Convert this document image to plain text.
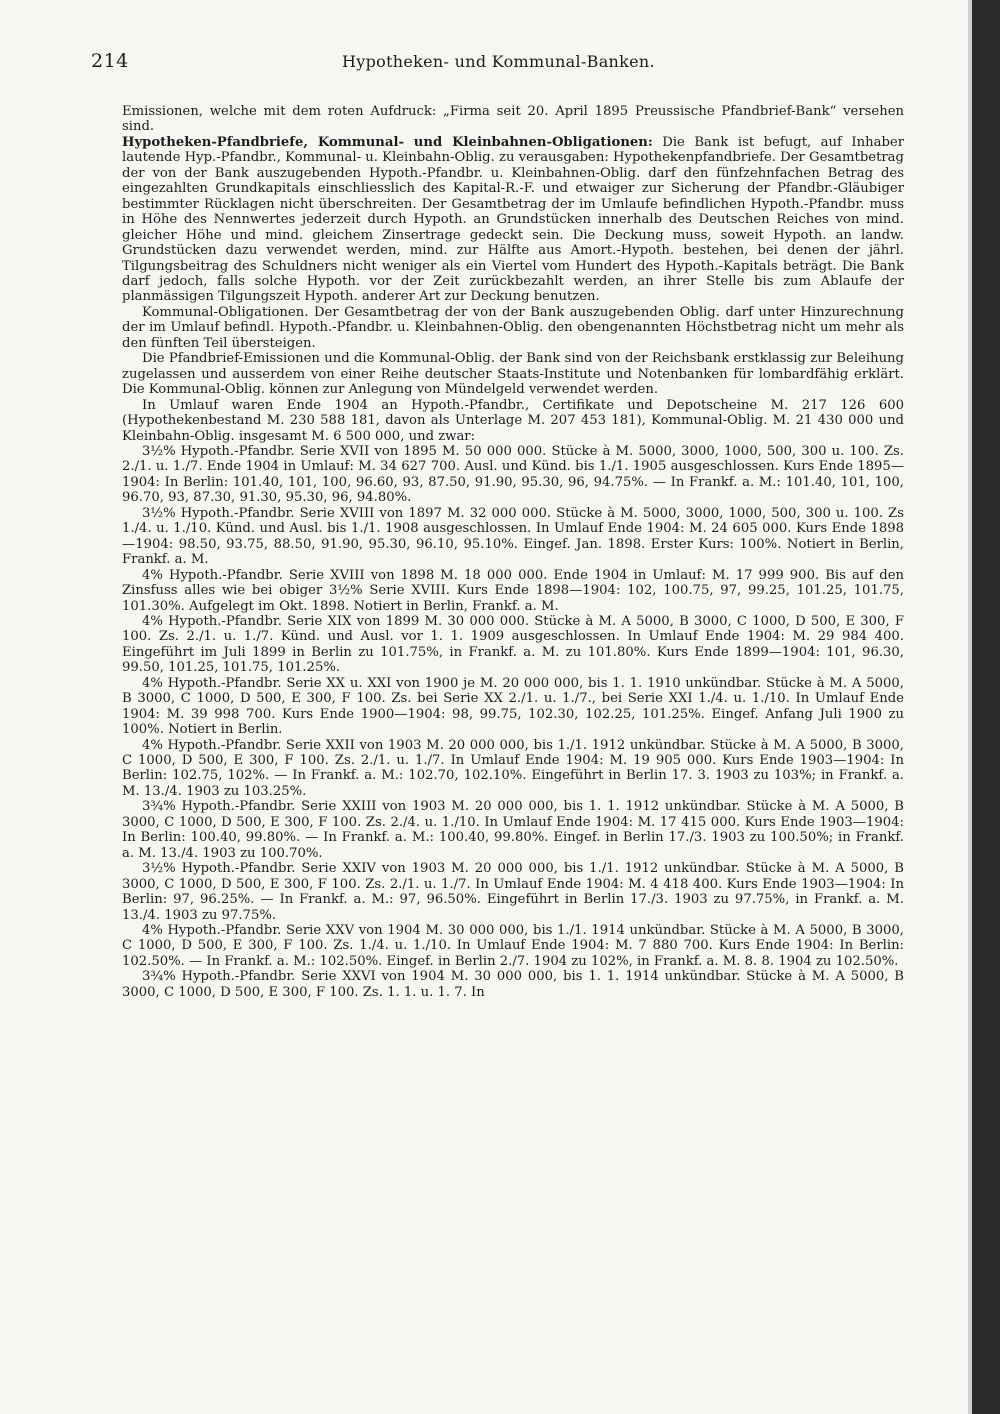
214	Hypotheken- und Kommunal-Banken.

Emissionen, welche mit dem roten Aufdruck: „Firma seit 20. April 1895 Preussische Pfandbrief-Bank“ versehen sind.

Hypotheken-Pfandbriefe, Kommunal- und Kleinbahnen-Obligationen: Die Bank ist befugt, auf Inhaber lautende Hyp.-Pfandbr., Kommunal- u. Kleinbahn-Oblig. zu verausgaben: Hypothekenpfandbriefe. Der Gesamtbetrag der von der Bank auszugebenden Hypoth.-Pfandbr. u. Kleinbahnen-Oblig. darf den fünfzehnfachen Betrag des eingezahlten Grundkapitals einschliesslich des Kapital-R.-F. und etwaiger zur Sicherung der Pfandbr.-Gläubiger bestimmter Rücklagen nicht überschreiten. Der Gesamtbetrag der im Umlaufe befindlichen Hypoth.-Pfandbr. muss in Höhe des Nennwertes jederzeit durch Hypoth. an Grundstücken innerhalb des Deutschen Reiches von mind. gleicher Höhe und mind. gleichem Zinsertrage gedeckt sein. Die Deckung muss, soweit Hypoth. an landw. Grundstücken dazu verwendet werden, mind. zur Hälfte aus Amort.-Hypoth. bestehen, bei denen der jährl. Tilgungsbeitrag des Schuldners nicht weniger als ein Viertel vom Hundert des Hypoth.-Kapitals beträgt. Die Bank darf jedoch, falls solche Hypoth. vor der Zeit zurückbezahlt werden, an ihrer Stelle bis zum Ablaufe der planmässigen Tilgungszeit Hypoth. anderer Art zur Deckung benutzen.

Kommunal-Obligationen. Der Gesamtbetrag der von der Bank auszugebenden Oblig. darf unter Hinzurechnung der im Umlauf befindl. Hypoth.-Pfandbr. u. Kleinbahnen-Oblig. den obengenannten Höchstbetrag nicht um mehr als den fünften Teil übersteigen.

Die Pfandbrief-Emissionen und die Kommunal-Oblig. der Bank sind von der Reichsbank erstklassig zur Beleihung zugelassen und ausserdem von einer Reihe deutscher Staats-Institute und Notenbanken für lombardfähig erklärt. Die Kommunal-Oblig. können zur Anlegung von Mündelgeld verwendet werden.

In Umlauf waren Ende 1904 an Hypoth.-Pfandbr., Certifikate und Depotscheine M. 217 126 600 (Hypothekenbestand M. 230 588 181, davon als Unterlage M. 207 453 181), Kommunal-Oblig. M. 21 430 000 und Kleinbahn-Oblig. insgesamt M. 6 500 000, und zwar:

3½% Hypoth.-Pfandbr. Serie XVII von 1895 M. 50 000 000. Stücke à M. 5000, 3000, 1000, 500, 300 u. 100. Zs. 2./1. u. 1./7. Ende 1904 in Umlauf: M. 34 627 700. Ausl. und Künd. bis 1./1. 1905 ausgeschlossen. Kurs Ende 1895—1904: In Berlin: 101.40, 101, 100, 96.60, 93, 87.50, 91.90, 95.30, 96, 94.75%. — In Frankf. a. M.: 101.40, 101, 100, 96.70, 93, 87.30, 91.30, 95.30, 96, 94.80%.

3½% Hypoth.-Pfandbr. Serie XVIII von 1897 M. 32 000 000. Stücke à M. 5000, 3000, 1000, 500, 300 u. 100. Zs 1./4. u. 1./10. Künd. und Ausl. bis 1./1. 1908 ausgeschlossen. In Umlauf Ende 1904: M. 24 605 000. Kurs Ende 1898—1904: 98.50, 93.75, 88.50, 91.90, 95.30, 96.10, 95.10%. Eingef. Jan. 1898. Erster Kurs: 100%. Notiert in Berlin, Frankf. a. M.

4% Hypoth.-Pfandbr. Serie XVIII von 1898 M. 18 000 000. Ende 1904 in Umlauf: M. 17 999 900. Bis auf den Zinsfuss alles wie bei obiger 3½% Serie XVIII. Kurs Ende 1898—1904: 102, 100.75, 97, 99.25, 101.25, 101.75, 101.30%. Aufgelegt im Okt. 1898. Notiert in Berlin, Frankf. a. M.

4% Hypoth.-Pfandbr. Serie XIX von 1899 M. 30 000 000. Stücke à M. A 5000, B 3000, C 1000, D 500, E 300, F 100. Zs. 2./1. u. 1./7. Künd. und Ausl. vor 1. 1. 1909 ausgeschlossen. In Umlauf Ende 1904: M. 29 984 400. Eingeführt im Juli 1899 in Berlin zu 101.75%, in Frankf. a. M. zu 101.80%. Kurs Ende 1899—1904: 101, 96.30, 99.50, 101.25, 101.75, 101.25%.

4% Hypoth.-Pfandbr. Serie XX u. XXI von 1900 je M. 20 000 000, bis 1. 1. 1910 unkündbar. Stücke à M. A 5000, B 3000, C 1000, D 500, E 300, F 100. Zs. bei Serie XX 2./1. u. 1./7., bei Serie XXI 1./4. u. 1./10. In Umlauf Ende 1904: M. 39 998 700. Kurs Ende 1900—1904: 98, 99.75, 102.30, 102.25, 101.25%. Eingef. Anfang Juli 1900 zu 100%. Notiert in Berlin.

4% Hypoth.-Pfandbr. Serie XXII von 1903 M. 20 000 000, bis 1./1. 1912 unkündbar. Stücke à M. A 5000, B 3000, C 1000, D 500, E 300, F 100. Zs. 2./1. u. 1./7. In Umlauf Ende 1904: M. 19 905 000. Kurs Ende 1903—1904: In Berlin: 102.75, 102%. — In Frankf. a. M.: 102.70, 102.10%. Eingeführt in Berlin 17. 3. 1903 zu 103%; in Frankf. a. M. 13./4. 1903 zu 103.25%.

3¾% Hypoth.-Pfandbr. Serie XXIII von 1903 M. 20 000 000, bis 1. 1. 1912 unkündbar. Stücke à M. A 5000, B 3000, C 1000, D 500, E 300, F 100. Zs. 2./4. u. 1./10. In Umlauf Ende 1904: M. 17 415 000. Kurs Ende 1903—1904: In Berlin: 100.40, 99.80%. — In Frankf. a. M.: 100.40, 99.80%. Eingef. in Berlin 17./3. 1903 zu 100.50%; in Frankf. a. M. 13./4. 1903 zu 100.70%.

3½% Hypoth.-Pfandbr. Serie XXIV von 1903 M. 20 000 000, bis 1./1. 1912 unkündbar. Stücke à M. A 5000, B 3000, C 1000, D 500, E 300, F 100. Zs. 2./1. u. 1./7. In Umlauf Ende 1904: M. 4 418 400. Kurs Ende 1903—1904: In Berlin: 97, 96.25%. — In Frankf. a. M.: 97, 96.50%. Eingeführt in Berlin 17./3. 1903 zu 97.75%, in Frankf. a. M. 13./4. 1903 zu 97.75%.

4% Hypoth.-Pfandbr. Serie XXV von 1904 M. 30 000 000, bis 1./1. 1914 unkündbar. Stücke à M. A 5000, B 3000, C 1000, D 500, E 300, F 100. Zs. 1./4. u. 1./10. In Umlauf Ende 1904: M. 7 880 700. Kurs Ende 1904: In Berlin: 102.50%. — In Frankf. a. M.: 102.50%. Eingef. in Berlin 2./7. 1904 zu 102%, in Frankf. a. M. 8. 8. 1904 zu 102.50%.

3¾% Hypoth.-Pfandbr. Serie XXVI von 1904 M. 30 000 000, bis 1. 1. 1914 unkündbar. Stücke à M. A 5000, B 3000, C 1000, D 500, E 300, F 100. Zs. 1. 1. u. 1. 7. In
